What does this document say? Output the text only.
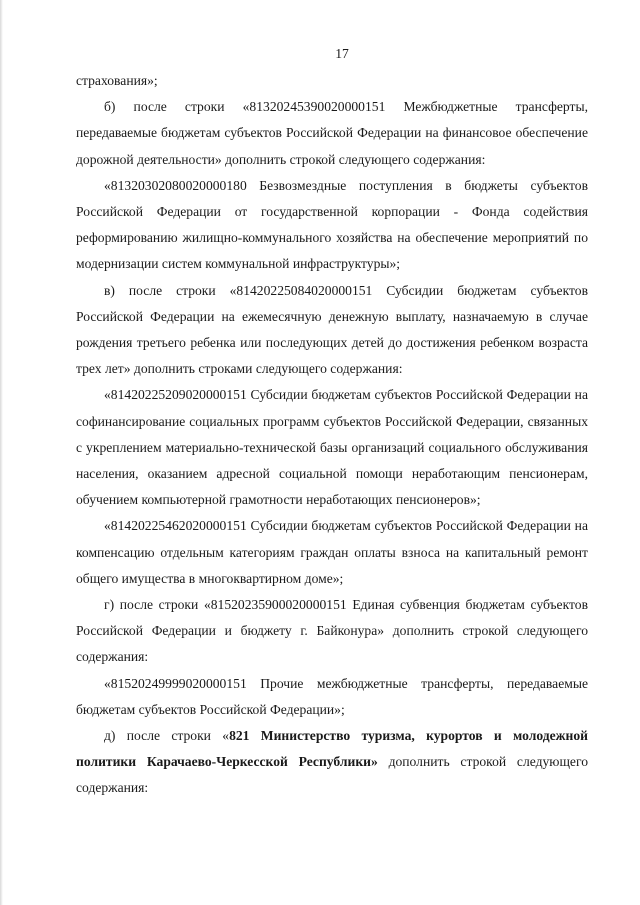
17

страхования»;

б) после строки «81320245390020000151 Межбюджетные трансферты, передаваемые бюджетам субъектов Российской Федерации на финансовое обеспечение дорожной деятельности» дополнить строкой следующего содержания:

«81320302080020000180 Безвозмездные поступления в бюджеты субъектов Российской Федерации от государственной корпорации - Фонда содействия реформированию жилищно-коммунального хозяйства на обеспечение мероприятий по модернизации систем коммунальной инфраструктуры»;

в) после строки «81420225084020000151 Субсидии бюджетам субъектов Российской Федерации на ежемесячную денежную выплату, назначаемую в случае рождения третьего ребенка или последующих детей до достижения ребенком возраста трех лет» дополнить строками следующего содержания:

«81420225209020000151 Субсидии бюджетам субъектов Российской Федерации на софинансирование социальных программ субъектов Российской Федерации, связанных с укреплением материально-технической базы организаций социального обслуживания населения, оказанием адресной социальной помощи неработающим пенсионерам, обучением компьютерной грамотности неработающих пенсионеров»;

«81420225462020000151 Субсидии бюджетам субъектов Российской Федерации на компенсацию отдельным категориям граждан оплаты взноса на капитальный ремонт общего имущества в многоквартирном доме»;

г) после строки «81520235900020000151 Единая субвенция бюджетам субъектов Российской Федерации и бюджету г. Байконура» дополнить строкой следующего содержания:

«81520249999020000151 Прочие межбюджетные трансферты, передаваемые бюджетам субъектов Российской Федерации»;

д) после строки «821 Министерство туризма, курортов и молодежной политики Карачаево-Черкесской Республики» дополнить строкой следующего содержания:
